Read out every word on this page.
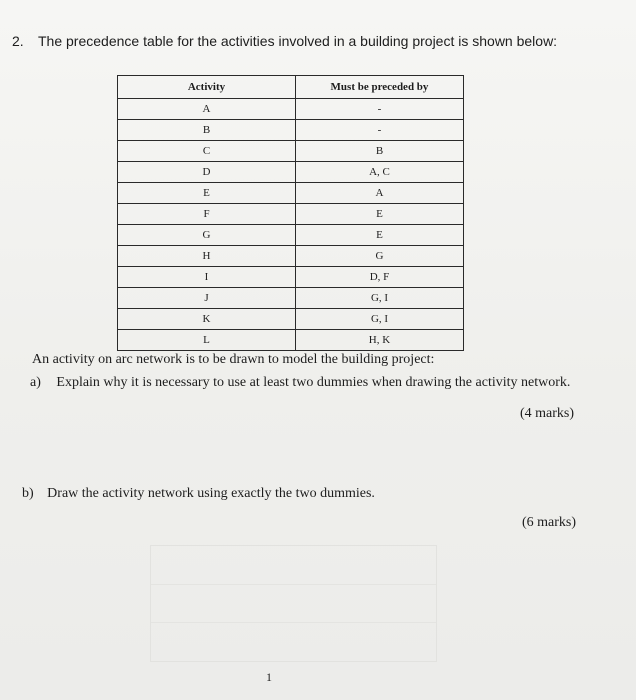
2. The precedence table for the activities involved in a building project is shown below:
Activity	Must be preceded by
A	-
B	-
C	B
D	A, C
E	A
F	E
G	E
H	G
I	D, F
J	G, I
K	G, I
L	H, K
An activity on arc network is to be drawn to model the building project:
a) Explain why it is necessary to use at least two dummies when drawing the activity network.
(4 marks)
b) Draw the activity network using exactly the two dummies.
(6 marks)
1
